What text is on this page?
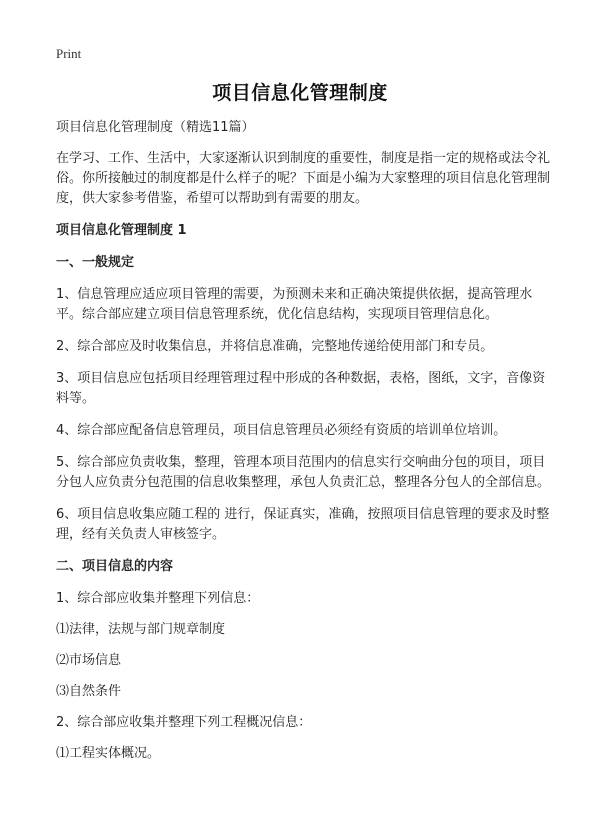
Print
项目信息化管理制度

项目信息化管理制度（精选11篇）

在学习、工作、生活中，大家逐渐认识到制度的重要性，制度是指一定的规格或法令礼俗。你所接触过的制度都是什么样子的呢？下面是小编为大家整理的项目信息化管理制度，供大家参考借鉴，希望可以帮助到有需要的朋友。

项目信息化管理制度 1

一、一般规定

1、信息管理应适应项目管理的需要，为预测未来和正确决策提供依据，提高管理水平。综合部应建立项目信息管理系统，优化信息结构，实现项目管理信息化。

2、综合部应及时收集信息，并将信息准确，完整地传递给使用部门和专员。

3、项目信息应包括项目经理管理过程中形成的各种数据，表格，图纸，文字，音像资料等。

4、综合部应配备信息管理员，项目信息管理员必须经有资质的培训单位培训。

5、综合部应负责收集，整理，管理本项目范围内的信息实行交响曲分包的项目，项目分包人应负责分包范围的信息收集整理，承包人负责汇总，整理各分包人的全部信息。

6、项目信息收集应随工程的 进行，保证真实，准确，按照项目信息管理的要求及时整理，经有关负责人审核签字。

二、项目信息的内容

1、综合部应收集并整理下列信息：

⑴法律，法规与部门规章制度

⑵市场信息

⑶自然条件

2、综合部应收集并整理下列工程概况信息：

⑴工程实体概况。
